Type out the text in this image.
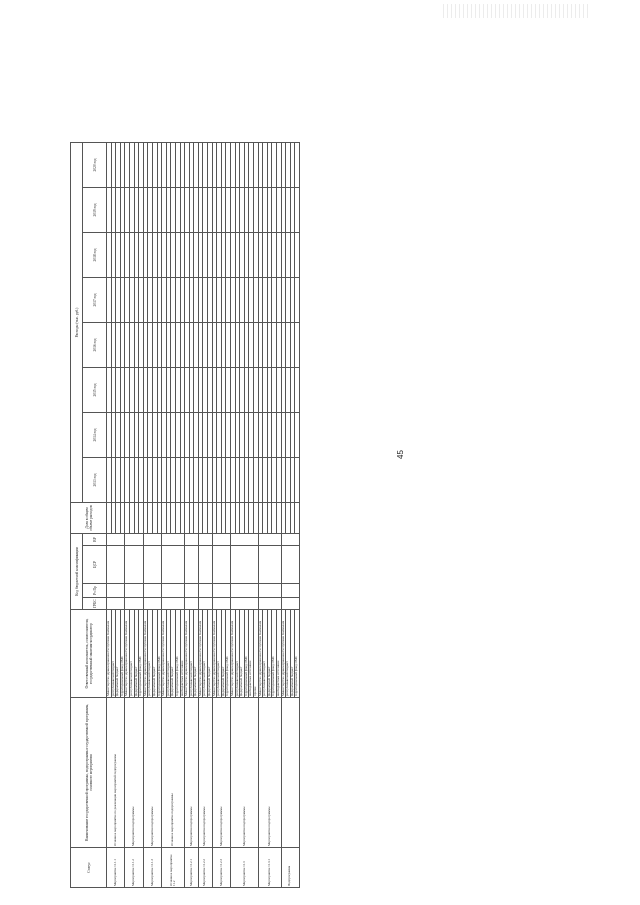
Статус	Наименование государственной программы, подпрограммы государственной программы, основного мероприятия	Ответственный исполнитель, соисполнители, государственный заказчик-координатор	Код бюджетной классификации				Доля в общем объеме расходов	Расходы (тыс. руб.)							
			ГРБС	Рз Пр	ЦСР	ВР		2013 год	2014 год	2015 год	2016 год	2017 год	2018 год	2019 год	2020 год
Мероприятие 11.1.1	Основное мероприятие по реализации мероприятий подпрограммы	Министерство здравоохранения Республики Калмыкия													
		республиканский бюджет													
		федеральный бюджет													
		территориальный фонд ОМС													
Мероприятие 11.1.2	Мероприятия подпрограммы	Министерство здравоохранения Республики Калмыкия													
		республиканский бюджет													
		федеральный бюджет													
		территориальный фонд ОМС													
Мероприятие 11.1.3	Мероприятия подпрограммы	Министерство здравоохранения Республики Калмыкия													
		республиканский бюджет													
		федеральный бюджет													
		территориальный фонд ОМС													
Основное мероприятие 11.2	Основное мероприятие подпрограммы	Министерство здравоохранения Республики Калмыкия													
		республиканский бюджет													
		федеральный бюджет													
		территориальный фонд ОМС													
		внебюджетные источники													
Мероприятие 11.2.1	Мероприятия подпрограммы	Министерство здравоохранения Республики Калмыкия													
		республиканский бюджет													
		федеральный бюджет													
Мероприятие 11.2.2	Мероприятия подпрограммы	Министерство здравоохранения Республики Калмыкия													
		республиканский бюджет													
		федеральный бюджет													
Мероприятие 11.2.3	Мероприятия подпрограммы	Министерство здравоохранения Республики Калмыкия													
		республиканский бюджет													
		федеральный бюджет													
		территориальный фонд ОМС													
Мероприятие 11.3	Мероприятия подпрограммы	Министерство здравоохранения Республики Калмыкия													
		республиканский бюджет													
		федеральный бюджет													
		территориальный фонд ОМС													
		внебюджетные источники													
		прочие													
Мероприятие 11.3.1	Мероприятия подпрограммы	Министерство здравоохранения Республики Калмыкия													
		республиканский бюджет													
		федеральный бюджет													
		территориальный фонд ОМС													
		внебюджетные источники													
Подпрограмма		Министерство здравоохранения Республики Калмыкия													
		республиканский бюджет													
		федеральный бюджет													
		территориальный фонд ОМС													
45
